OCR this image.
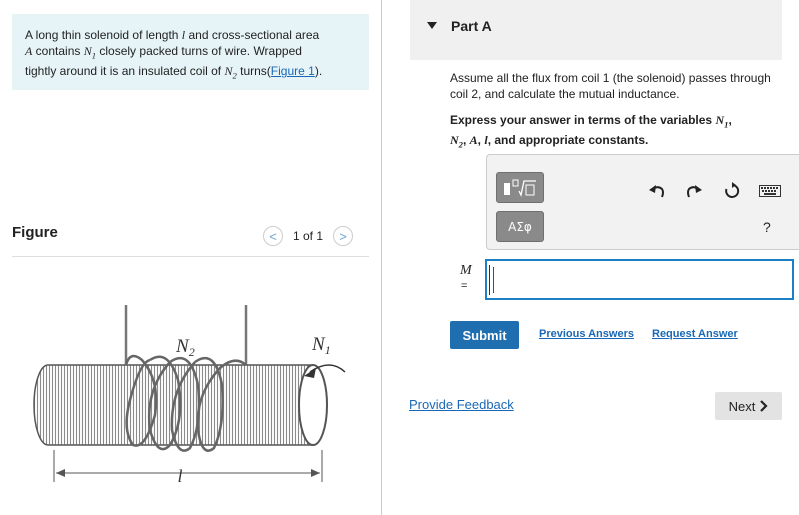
A long thin solenoid of length l and cross-sectional area
A contains $N_1$ closely packed turns of wire. Wrapped
tightly around it is an insulated coil of $N_2$ turns(Figure 1).
Figure	<	1 of 1	>
$N_2$	$N_1$
l
Part A
Assume all the flux from coil 1 (the solenoid) passes through coil 2, and calculate the mutual inductance.
Express your answer in terms of the variables $N_1$,
$N_2$, A, l, and appropriate constants.
ΑΣφ	?
M
=
Submit	Previous Answers Request Answer
Provide Feedback	Next
